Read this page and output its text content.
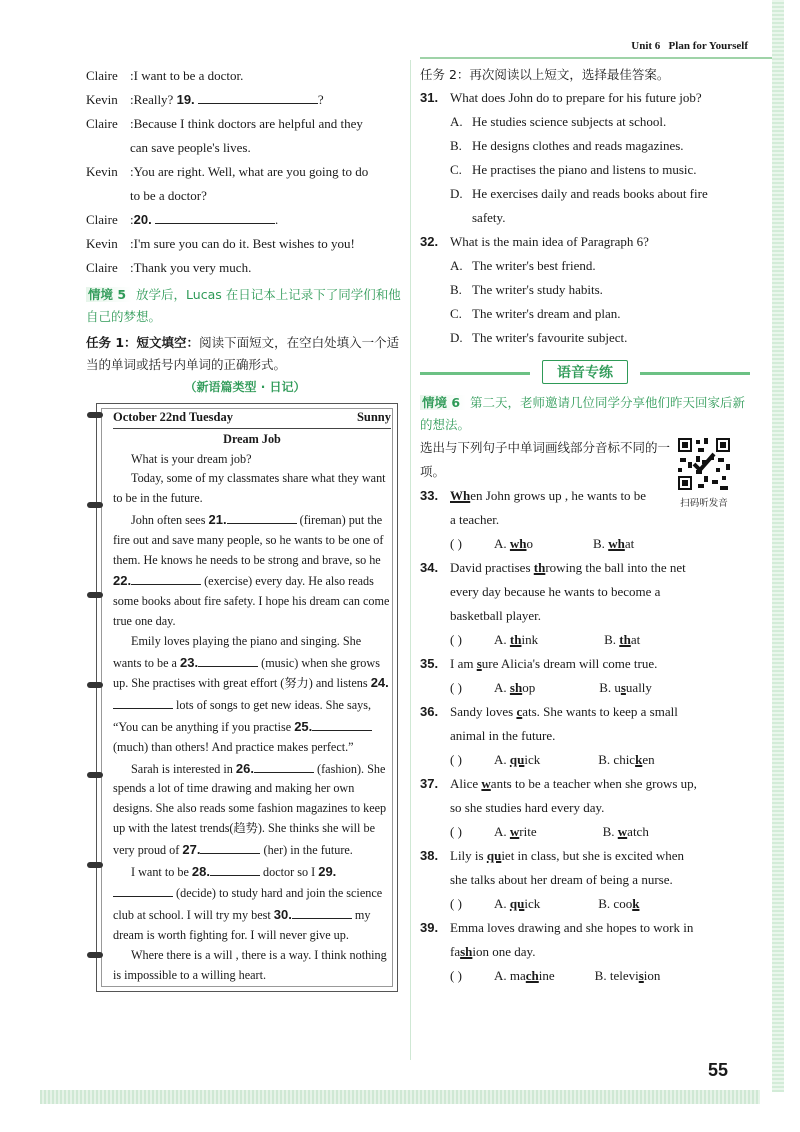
Unit 6 Plan for Yourself
Claire :I want to be a doctor.
Kevin :Really? 19.	?
Claire :Because I think doctors are helpful and they
can save people's lives.
Kevin :You are right. Well, what are you going to do
to be a doctor?
Claire :20.	.
Kevin :I'm sure you can do it. Best wishes to you!
Claire :Thank you very much.
情境 5 放学后，Lucas 在日记本上记录下了同学们和他自己的梦想。
任务 1：短文填空：阅读下面短文，在空白处填入一个适当的单词或括号内单词的正确形式。
（新语篇类型 · 日记）
October 22nd Tuesday	Sunny
Dream Job

What is your dream job?

Today, some of my classmates share what they want to be in the future.

John often sees 21.	(fireman) put the fire out and save many people, so he wants to be one of them. He knows he needs to be strong and brave, so he 22.	(exercise) every day. He also reads some books about fire safety. I hope his dream can come true one day.

Emily loves playing the piano and singing. She wants to be a 23.	(music) when she grows up. She practises with great effort (努力) and listens 24. lots of songs to get new ideas. She says, “You can be anything if you practise 25. (much) than others! And practice makes perfect.”

Sarah is interested in 26.	(fashion). She spends a lot of time drawing and making her own designs. She also reads some fashion magazines to keep up with the latest trends(趋势). She thinks she will be very proud of 27.	(her) in the future.

I want to be 28.	doctor so I 29. (decide) to study hard and join the science club at school. I will try my best 30.	my dream is worth fighting for. I will never give up.

Where there is a will , there is a way. I think nothing is impossible to a willing heart.

任务 2：再次阅读以上短文，选择最佳答案。
31. What does John do to prepare for his future job?
A. He studies science subjects at school.
B. He designs clothes and reads magazines.
C. He practises the piano and listens to music.
D. He exercises daily and reads books about fire
safety.
32. What is the main idea of Paragraph 6?
A. The writer's best friend.
B. The writer's study habits.
C. The writer's dream and plan.
D. The writer's favourite subject.
语音专练
情境 6 第二天，老师邀请几位同学分享他们昨天回家后新的想法。
选出与下列句子中单词画线部分音标不同的一项。
扫码听发音
33. When John grows up , he wants to be
a teacher.
( ) A. who	B. what
34. David practises throwing the ball into the net
every day because he wants to become a
basketball player.
( ) A. think	B. that
35. I am sure Alicia's dream will come true.
( ) A. shop	B. usually
36. Sandy loves cats. She wants to keep a small
animal in the future.
( ) A. quick	B. chicken
37. Alice wants to be a teacher when she grows up,
so she studies hard every day.
( ) A. write	B. watch
38. Lily is quiet in class, but she is excited when
she talks about her dream of being a nurse.
( ) A. quick	B. cook
39. Emma loves drawing and she hopes to work in
fashion one day.
( ) A. machine	B. television
55
